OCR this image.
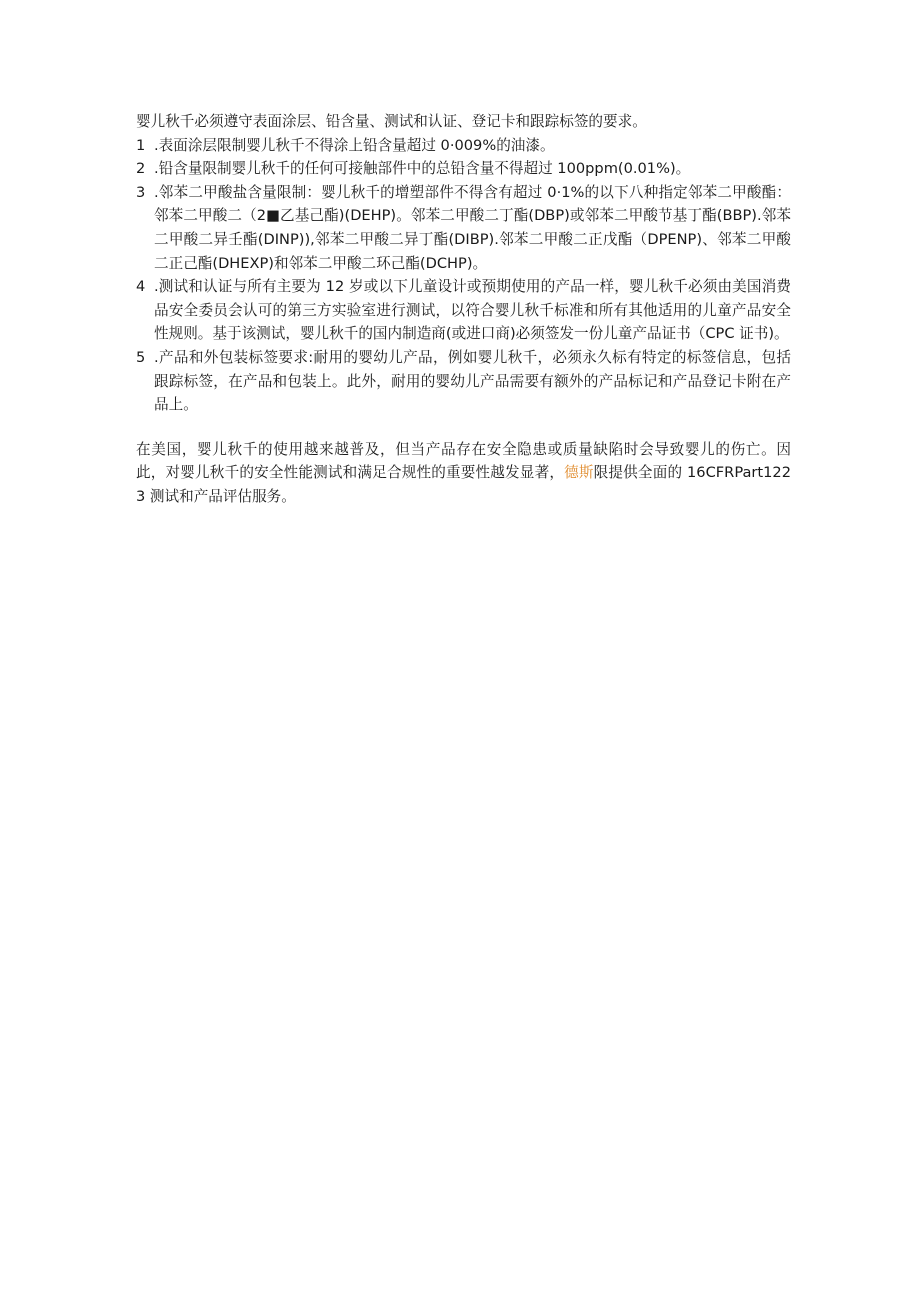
婴儿秋千必须遵守表面涂层、铅含量、测试和认证、登记卡和跟踪标签的要求。

1 .表面涂层限制婴儿秋千不得涂上铅含量超过 0·009%的油漆。
2 .铅含量限制婴儿秋千的任何可接触部件中的总铅含量不得超过 100ppm(0.01%)。
3 .邻苯二甲酸盐含量限制：婴儿秋千的增塑部件不得含有超过 0·1%的以下八种指定邻苯二甲酸酯：邻苯二甲酸二（2■乙基己酯)(DEHP)。邻苯二甲酸二丁酯(DBP)或邻苯二甲酸节基丁酯(BBP).邻苯二甲酸二异壬酯(DINP)),邻苯二甲酸二异丁酯(DIBP).邻苯二甲酸二正戊酯（DPENP)、邻苯二甲酸二正己酯(DHEXP)和邻苯二甲酸二环己酯(DCHP)。
4 .测试和认证与所有主要为 12 岁或以下儿童设计或预期使用的产品一样，婴儿秋千必须由美国消费品安全委员会认可的第三方实验室进行测试，以符合婴儿秋千标准和所有其他适用的儿童产品安全性规则。基于该测试，婴儿秋千的国内制造商(或进口商)必须签发一份儿童产品证书（CPC 证书)。
5 .产品和外包装标签要求:耐用的婴幼儿产品，例如婴儿秋千，必须永久标有特定的标签信息，包括跟踪标签，在产品和包装上。此外，耐用的婴幼儿产品需要有额外的产品标记和产品登记卡附在产品上。

在美国，婴儿秋千的使用越来越普及，但当产品存在安全隐患或质量缺陷时会导致婴儿的伤亡。因此，对婴儿秋千的安全性能测试和满足合规性的重要性越发显著，德斯限提供全面的 16CFRPart1223 测试和产品评估服务。
